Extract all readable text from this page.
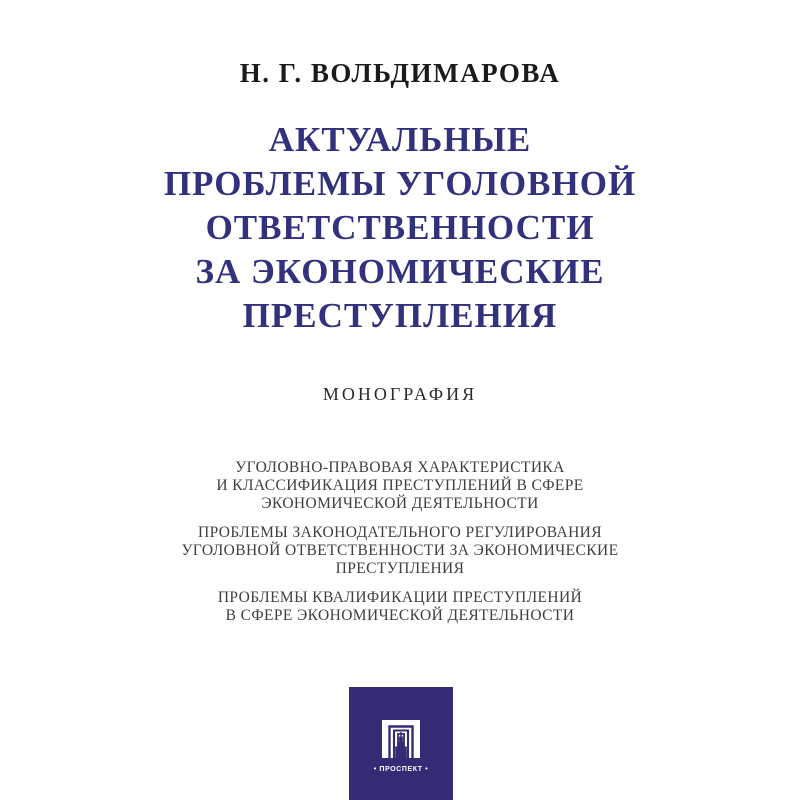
Н. Г. ВОЛЬДИМАРОВА
АКТУАЛЬНЫЕ
ПРОБЛЕМЫ УГОЛОВНОЙ
ОТВЕТСТВЕННОСТИ
ЗА ЭКОНОМИЧЕСКИЕ
ПРЕСТУПЛЕНИЯ
МОНОГРАФИЯ
УГОЛОВНО-ПРАВОВАЯ ХАРАКТЕРИСТИКА
И КЛАССИФИКАЦИЯ ПРЕСТУПЛЕНИЙ В СФЕРЕ
ЭКОНОМИЧЕСКОЙ ДЕЯТЕЛЬНОСТИ
ПРОБЛЕМЫ ЗАКОНОДАТЕЛЬНОГО РЕГУЛИРОВАНИЯ
УГОЛОВНОЙ ОТВЕТСТВЕННОСТИ ЗА ЭКОНОМИЧЕСКИЕ
ПРЕСТУПЛЕНИЯ
ПРОБЛЕМЫ КВАЛИФИКАЦИИ ПРЕСТУПЛЕНИЙ
В СФЕРЕ ЭКОНОМИЧЕСКОЙ ДЕЯТЕЛЬНОСТИ
• ПРОСПЕКТ •
